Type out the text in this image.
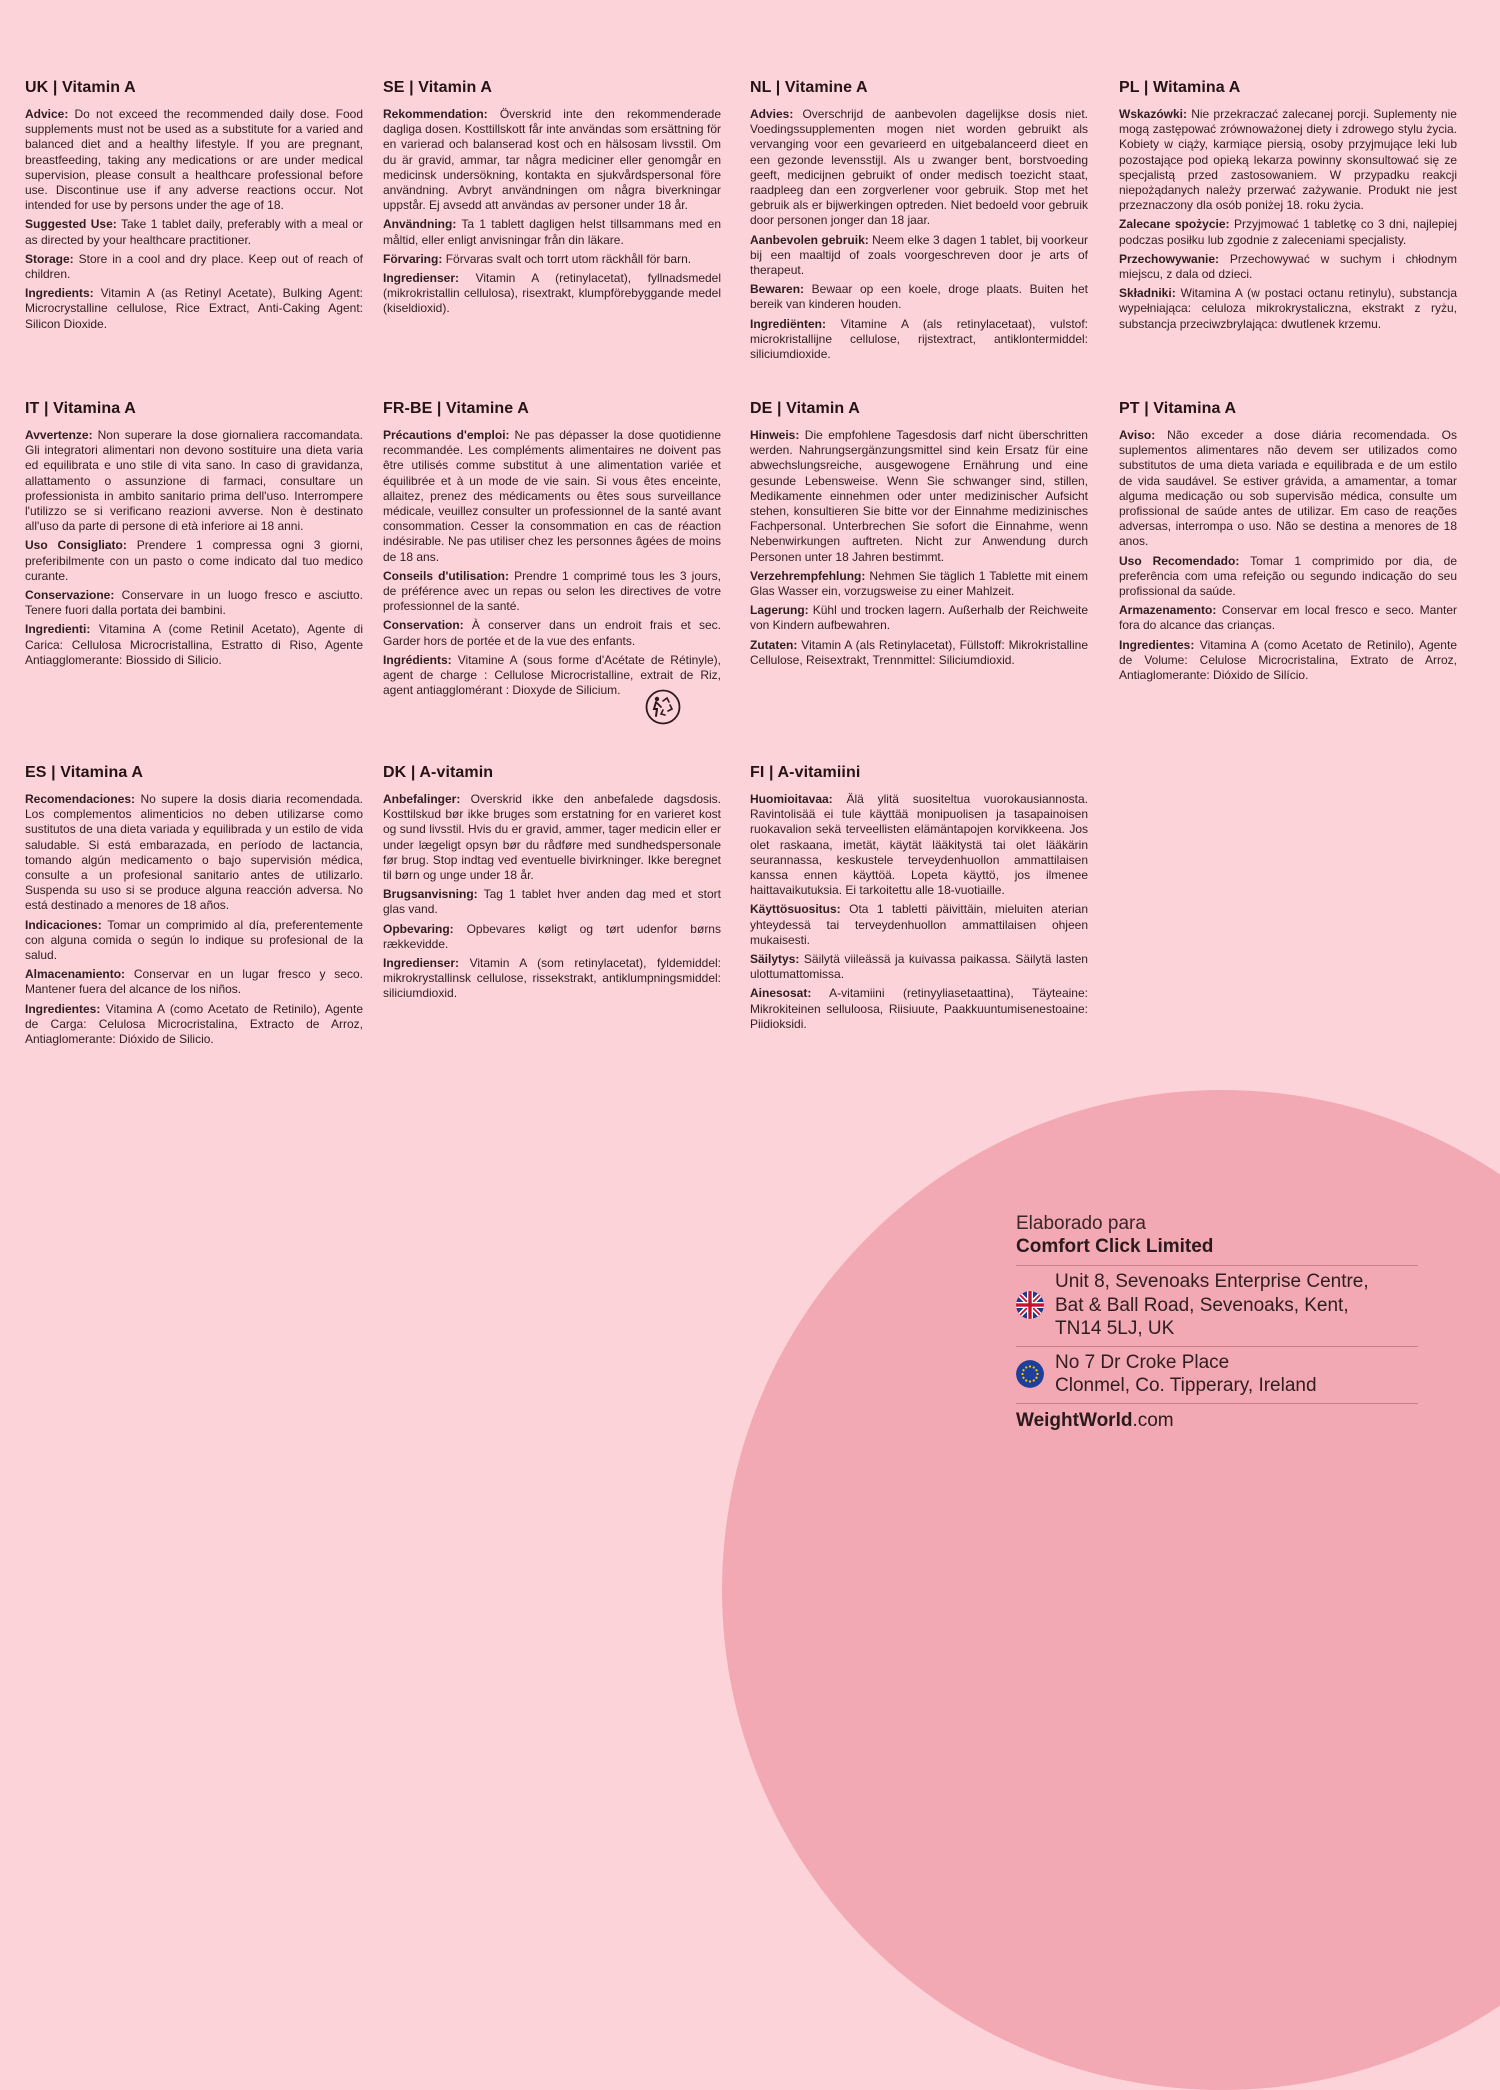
UK | Vitamin A

Advice: Do not exceed the recommended daily dose. Food supplements must not be used as a substitute for a varied and balanced diet and a healthy lifestyle. If you are pregnant, breastfeeding, taking any medications or are under medical supervision, please consult a healthcare professional before use. Discontinue use if any adverse reactions occur. Not intended for use by persons under the age of 18.

Suggested Use: Take 1 tablet daily, preferably with a meal or as directed by your healthcare practitioner.

Storage: Store in a cool and dry place. Keep out of reach of children.

Ingredients: Vitamin A (as Retinyl Acetate), Bulking Agent: Microcrystalline cellulose, Rice Extract, Anti-Caking Agent: Silicon Dioxide.

SE | Vitamin A

Rekommendation: Överskrid inte den rekommenderade dagliga dosen. Kosttillskott får inte användas som ersättning för en varierad och balanserad kost och en hälsosam livsstil. Om du är gravid, ammar, tar några mediciner eller genomgår en medicinsk undersökning, kontakta en sjukvårdspersonal före användning. Avbryt användningen om några biverkningar uppstår. Ej avsedd att användas av personer under 18 år.

Användning: Ta 1 tablett dagligen helst tillsammans med en måltid, eller enligt anvisningar från din läkare.

Förvaring: Förvaras svalt och torrt utom räckhåll för barn.

Ingredienser: Vitamin A (retinylacetat), fyllnadsmedel (mikrokristallin cellulosa), risextrakt, klumpförebyggande medel (kiseldioxid).

NL | Vitamine A

Advies: Overschrijd de aanbevolen dagelijkse dosis niet. Voedingssupplementen mogen niet worden gebruikt als vervanging voor een gevarieerd en uitgebalanceerd dieet en een gezonde levensstijl. Als u zwanger bent, borstvoeding geeft, medicijnen gebruikt of onder medisch toezicht staat, raadpleeg dan een zorgverlener voor gebruik. Stop met het gebruik als er bijwerkingen optreden. Niet bedoeld voor gebruik door personen jonger dan 18 jaar.

Aanbevolen gebruik: Neem elke 3 dagen 1 tablet, bij voorkeur bij een maaltijd of zoals voorgeschreven door je arts of therapeut.

Bewaren: Bewaar op een koele, droge plaats. Buiten het bereik van kinderen houden.

Ingrediënten: Vitamine A (als retinylacetaat), vulstof: microkristallijne cellulose, rijstextract, antiklontermiddel: siliciumdioxide.

PL | Witamina A

Wskazówki: Nie przekraczać zalecanej porcji. Suplementy nie mogą zastępować zrównoważonej diety i zdrowego stylu życia. Kobiety w ciąży, karmiące piersią, osoby przyjmujące leki lub pozostające pod opieką lekarza powinny skonsultować się ze specjalistą przed zastosowaniem. W przypadku reakcji niepożądanych należy przerwać zażywanie. Produkt nie jest przeznaczony dla osób poniżej 18. roku życia.

Zalecane spożycie: Przyjmować 1 tabletkę co 3 dni, najlepiej podczas posiłku lub zgodnie z zaleceniami specjalisty.

Przechowywanie: Przechowywać w suchym i chłodnym miejscu, z dala od dzieci.

Składniki: Witamina A (w postaci octanu retinylu), substancja wypełniająca: celuloza mikrokrystaliczna, ekstrakt z ryżu, substancja przeciwzbrylająca: dwutlenek krzemu.

IT | Vitamina A

Avvertenze: Non superare la dose giornaliera raccomandata. Gli integratori alimentari non devono sostituire una dieta varia ed equilibrata e uno stile di vita sano. In caso di gravidanza, allattamento o assunzione di farmaci, consultare un professionista in ambito sanitario prima dell'uso. Interrompere l'utilizzo se si verificano reazioni avverse. Non è destinato all'uso da parte di persone di età inferiore ai 18 anni.

Uso Consigliato: Prendere 1 compressa ogni 3 giorni, preferibilmente con un pasto o come indicato dal tuo medico curante.

Conservazione: Conservare in un luogo fresco e asciutto. Tenere fuori dalla portata dei bambini.

Ingredienti: Vitamina A (come Retinil Acetato), Agente di Carica: Cellulosa Microcristallina, Estratto di Riso, Agente Antiagglomerante: Biossido di Silicio.

FR-BE | Vitamine A

Précautions d'emploi: Ne pas dépasser la dose quotidienne recommandée. Les compléments alimentaires ne doivent pas être utilisés comme substitut à une alimentation variée et équilibrée et à un mode de vie sain. Si vous êtes enceinte, allaitez, prenez des médicaments ou êtes sous surveillance médicale, veuillez consulter un professionnel de la santé avant consommation. Cesser la consommation en cas de réaction indésirable. Ne pas utiliser chez les personnes âgées de moins de 18 ans.

Conseils d'utilisation: Prendre 1 comprimé tous les 3 jours, de préférence avec un repas ou selon les directives de votre professionnel de la santé.

Conservation: À conserver dans un endroit frais et sec. Garder hors de portée et de la vue des enfants.

Ingrédients: Vitamine A (sous forme d'Acétate de Rétinyle), agent de charge : Cellulose Microcristalline, extrait de Riz, agent antiagglomérant : Dioxyde de Silicium.

DE | Vitamin A

Hinweis: Die empfohlene Tagesdosis darf nicht überschritten werden. Nahrungsergänzungsmittel sind kein Ersatz für eine abwechslungsreiche, ausgewogene Ernährung und eine gesunde Lebensweise. Wenn Sie schwanger sind, stillen, Medikamente einnehmen oder unter medizinischer Aufsicht stehen, konsultieren Sie bitte vor der Einnahme medizinisches Fachpersonal. Unterbrechen Sie sofort die Einnahme, wenn Nebenwirkungen auftreten. Nicht zur Anwendung durch Personen unter 18 Jahren bestimmt.

Verzehrempfehlung: Nehmen Sie täglich 1 Tablette mit einem Glas Wasser ein, vorzugsweise zu einer Mahlzeit.

Lagerung: Kühl und trocken lagern. Außerhalb der Reichweite von Kindern aufbewahren.

Zutaten: Vitamin A (als Retinylacetat), Füllstoff: Mikrokristalline Cellulose, Reisextrakt, Trennmittel: Siliciumdioxid.

PT | Vitamina A

Aviso: Não exceder a dose diária recomendada. Os suplementos alimentares não devem ser utilizados como substitutos de uma dieta variada e equilibrada e de um estilo de vida saudável. Se estiver grávida, a amamentar, a tomar alguma medicação ou sob supervisão médica, consulte um profissional de saúde antes de utilizar. Em caso de reações adversas, interrompa o uso. Não se destina a menores de 18 anos.

Uso Recomendado: Tomar 1 comprimido por dia, de preferência com uma refeição ou segundo indicação do seu profissional da saúde.

Armazenamento: Conservar em local fresco e seco. Manter fora do alcance das crianças.

Ingredientes: Vitamina A (como Acetato de Retinilo), Agente de Volume: Celulose Microcristalina, Extrato de Arroz, Antiaglomerante: Dióxido de Silício.

ES | Vitamina A

Recomendaciones: No supere la dosis diaria recomendada. Los complementos alimenticios no deben utilizarse como sustitutos de una dieta variada y equilibrada y un estilo de vida saludable. Si está embarazada, en período de lactancia, tomando algún medicamento o bajo supervisión médica, consulte a un profesional sanitario antes de utilizarlo. Suspenda su uso si se produce alguna reacción adversa. No está destinado a menores de 18 años.

Indicaciones: Tomar un comprimido al día, preferentemente con alguna comida o según lo indique su profesional de la salud.

Almacenamiento: Conservar en un lugar fresco y seco. Mantener fuera del alcance de los niños.

Ingredientes: Vitamina A (como Acetato de Retinilo), Agente de Carga: Celulosa Microcristalina, Extracto de Arroz, Antiaglomerante: Dióxido de Silicio.

DK | A-vitamin

Anbefalinger: Overskrid ikke den anbefalede dagsdosis. Kosttilskud bør ikke bruges som erstatning for en varieret kost og sund livsstil. Hvis du er gravid, ammer, tager medicin eller er under lægeligt opsyn bør du rådføre med sundhedspersonale før brug. Stop indtag ved eventuelle bivirkninger. Ikke beregnet til børn og unge under 18 år.

Brugsanvisning: Tag 1 tablet hver anden dag med et stort glas vand.

Opbevaring: Opbevares køligt og tørt udenfor børns rækkevidde.

Ingredienser: Vitamin A (som retinylacetat), fyldemiddel: mikrokrystallinsk cellulose, rissekstrakt, antiklumpningsmiddel: siliciumdioxid.

FI | A-vitamiini

Huomioitavaa: Älä ylitä suositeltua vuorokausiannosta. Ravintolisää ei tule käyttää monipuolisen ja tasapainoisen ruokavalion sekä terveellisten elämäntapojen korvikkeena. Jos olet raskaana, imetät, käytät lääkitystä tai olet lääkärin seurannassa, keskustele terveydenhuollon ammattilaisen kanssa ennen käyttöä. Lopeta käyttö, jos ilmenee haittavaikutuksia. Ei tarkoitettu alle 18-vuotiaille.

Käyttösuositus: Ota 1 tabletti päivittäin, mieluiten aterian yhteydessä tai terveydenhuollon ammattilaisen ohjeen mukaisesti.

Säilytys: Säilytä viileässä ja kuivassa paikassa. Säilytä lasten ulottumattomissa.

Ainesosat: A-vitamiini (retinyyliasetaattina), Täyteaine: Mikrokiteinen selluloosa, Riisiuute, Paakkuuntumisenestoaine: Piidioksidi.

Elaborado para
Comfort Click Limited
Unit 8, Sevenoaks Enterprise Centre,
Bat & Ball Road, Sevenoaks, Kent,
TN14 5LJ, UK
No 7 Dr Croke Place
Clonmel, Co. Tipperary, Ireland
WeightWorld.com
